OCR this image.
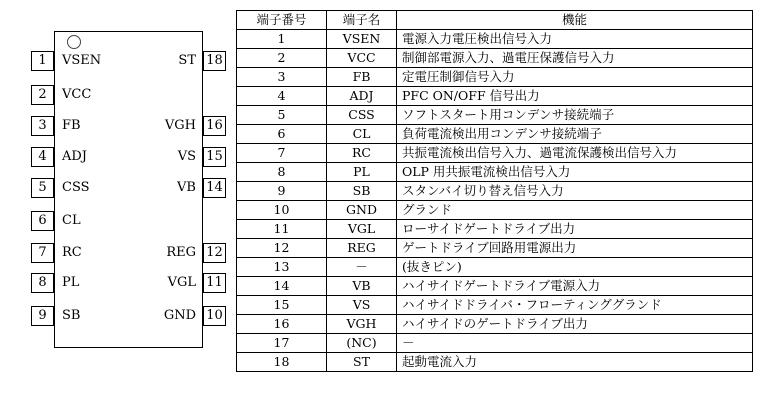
1	VSEN
2	VCC
3	FB
4	ADJ
5	CSS
6	CL
7	RC
8	PL
9	SB
18
ST
16
VGH
15
VS
14
VB
12
REG
11
VGL
10
GND
端子番号	端子名	機能
1	VSEN	電源入力電圧検出信号入力
2	VCC	制御部電源入力、過電圧保護信号入力
3	FB	定電圧制御信号入力
4	ADJ	PFC ON/OFF 信号出力
5	CSS	ソフトスタート用コンデンサ接続端子
6	CL	負荷電流検出用コンデンサ接続端子
7	RC	共振電流検出信号入力、過電流保護検出信号入力
8	PL	OLP 用共振電流検出信号入力
9	SB	スタンバイ切り替え信号入力
10	GND	グランド
11	VGL	ローサイドゲートドライブ出力
12	REG	ゲートドライブ回路用電源出力
13	－	(抜きピン)
14	VB	ハイサイドゲートドライブ電源入力
15	VS	ハイサイドドライバ・フローティンググランド
16	VGH	ハイサイドのゲートドライブ出力
17	(NC)	－
18	ST	起動電流入力
